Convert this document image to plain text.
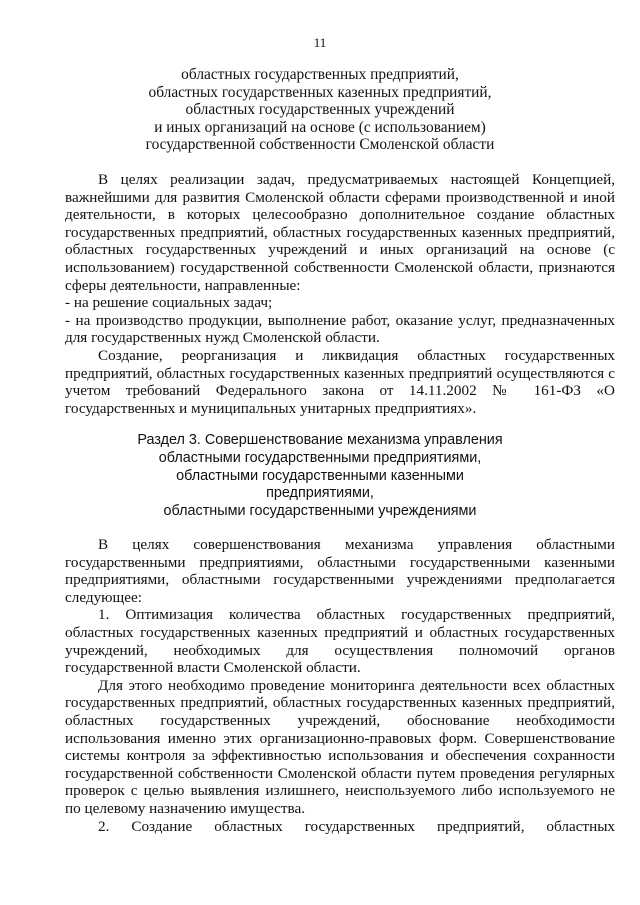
11
областных государственных предприятий,
областных государственных казенных предприятий,
областных государственных учреждений
и иных организаций на основе (с использованием)
государственной собственности Смоленской области

В целях реализации задач, предусматриваемых настоящей Концепцией, важнейшими для развития Смоленской области сферами производственной и иной деятельности, в которых целесообразно дополнительное создание областных государственных предприятий, областных государственных казенных предприятий, областных государственных учреждений и иных организаций на основе (с использованием) государственной собственности Смоленской области, признаются сферы деятельности, направленные:

- на решение социальных задач;

- на производство продукции, выполнение работ, оказание услуг, предназначенных для государственных нужд Смоленской области.

Создание, реорганизация и ликвидация областных государственных предприятий, областных государственных казенных предприятий осуществляются с учетом требований Федерального закона от 14.11.2002 № 161-ФЗ «О государственных и муниципальных унитарных предприятиях».

Раздел 3. Совершенствование механизма управления
областными государственными предприятиями,
областными государственными казенными
предприятиями,
областными государственными учреждениями

В целях совершенствования механизма управления областными государственными предприятиями, областными государственными казенными предприятиями, областными государственными учреждениями предполагается следующее:

1. Оптимизация количества областных государственных предприятий, областных государственных казенных предприятий и областных государственных учреждений, необходимых для осуществления полномочий органов государственной власти Смоленской области.

Для этого необходимо проведение мониторинга деятельности всех областных государственных предприятий, областных государственных казенных предприятий, областных государственных учреждений, обоснование необходимости использования именно этих организационно-правовых форм. Совершенствование системы контроля за эффективностью использования и обеспечения сохранности государственной собственности Смоленской области путем проведения регулярных проверок с целью выявления излишнего, неиспользуемого либо используемого не по целевому назначению имущества.

2. Создание областных государственных предприятий, областных
